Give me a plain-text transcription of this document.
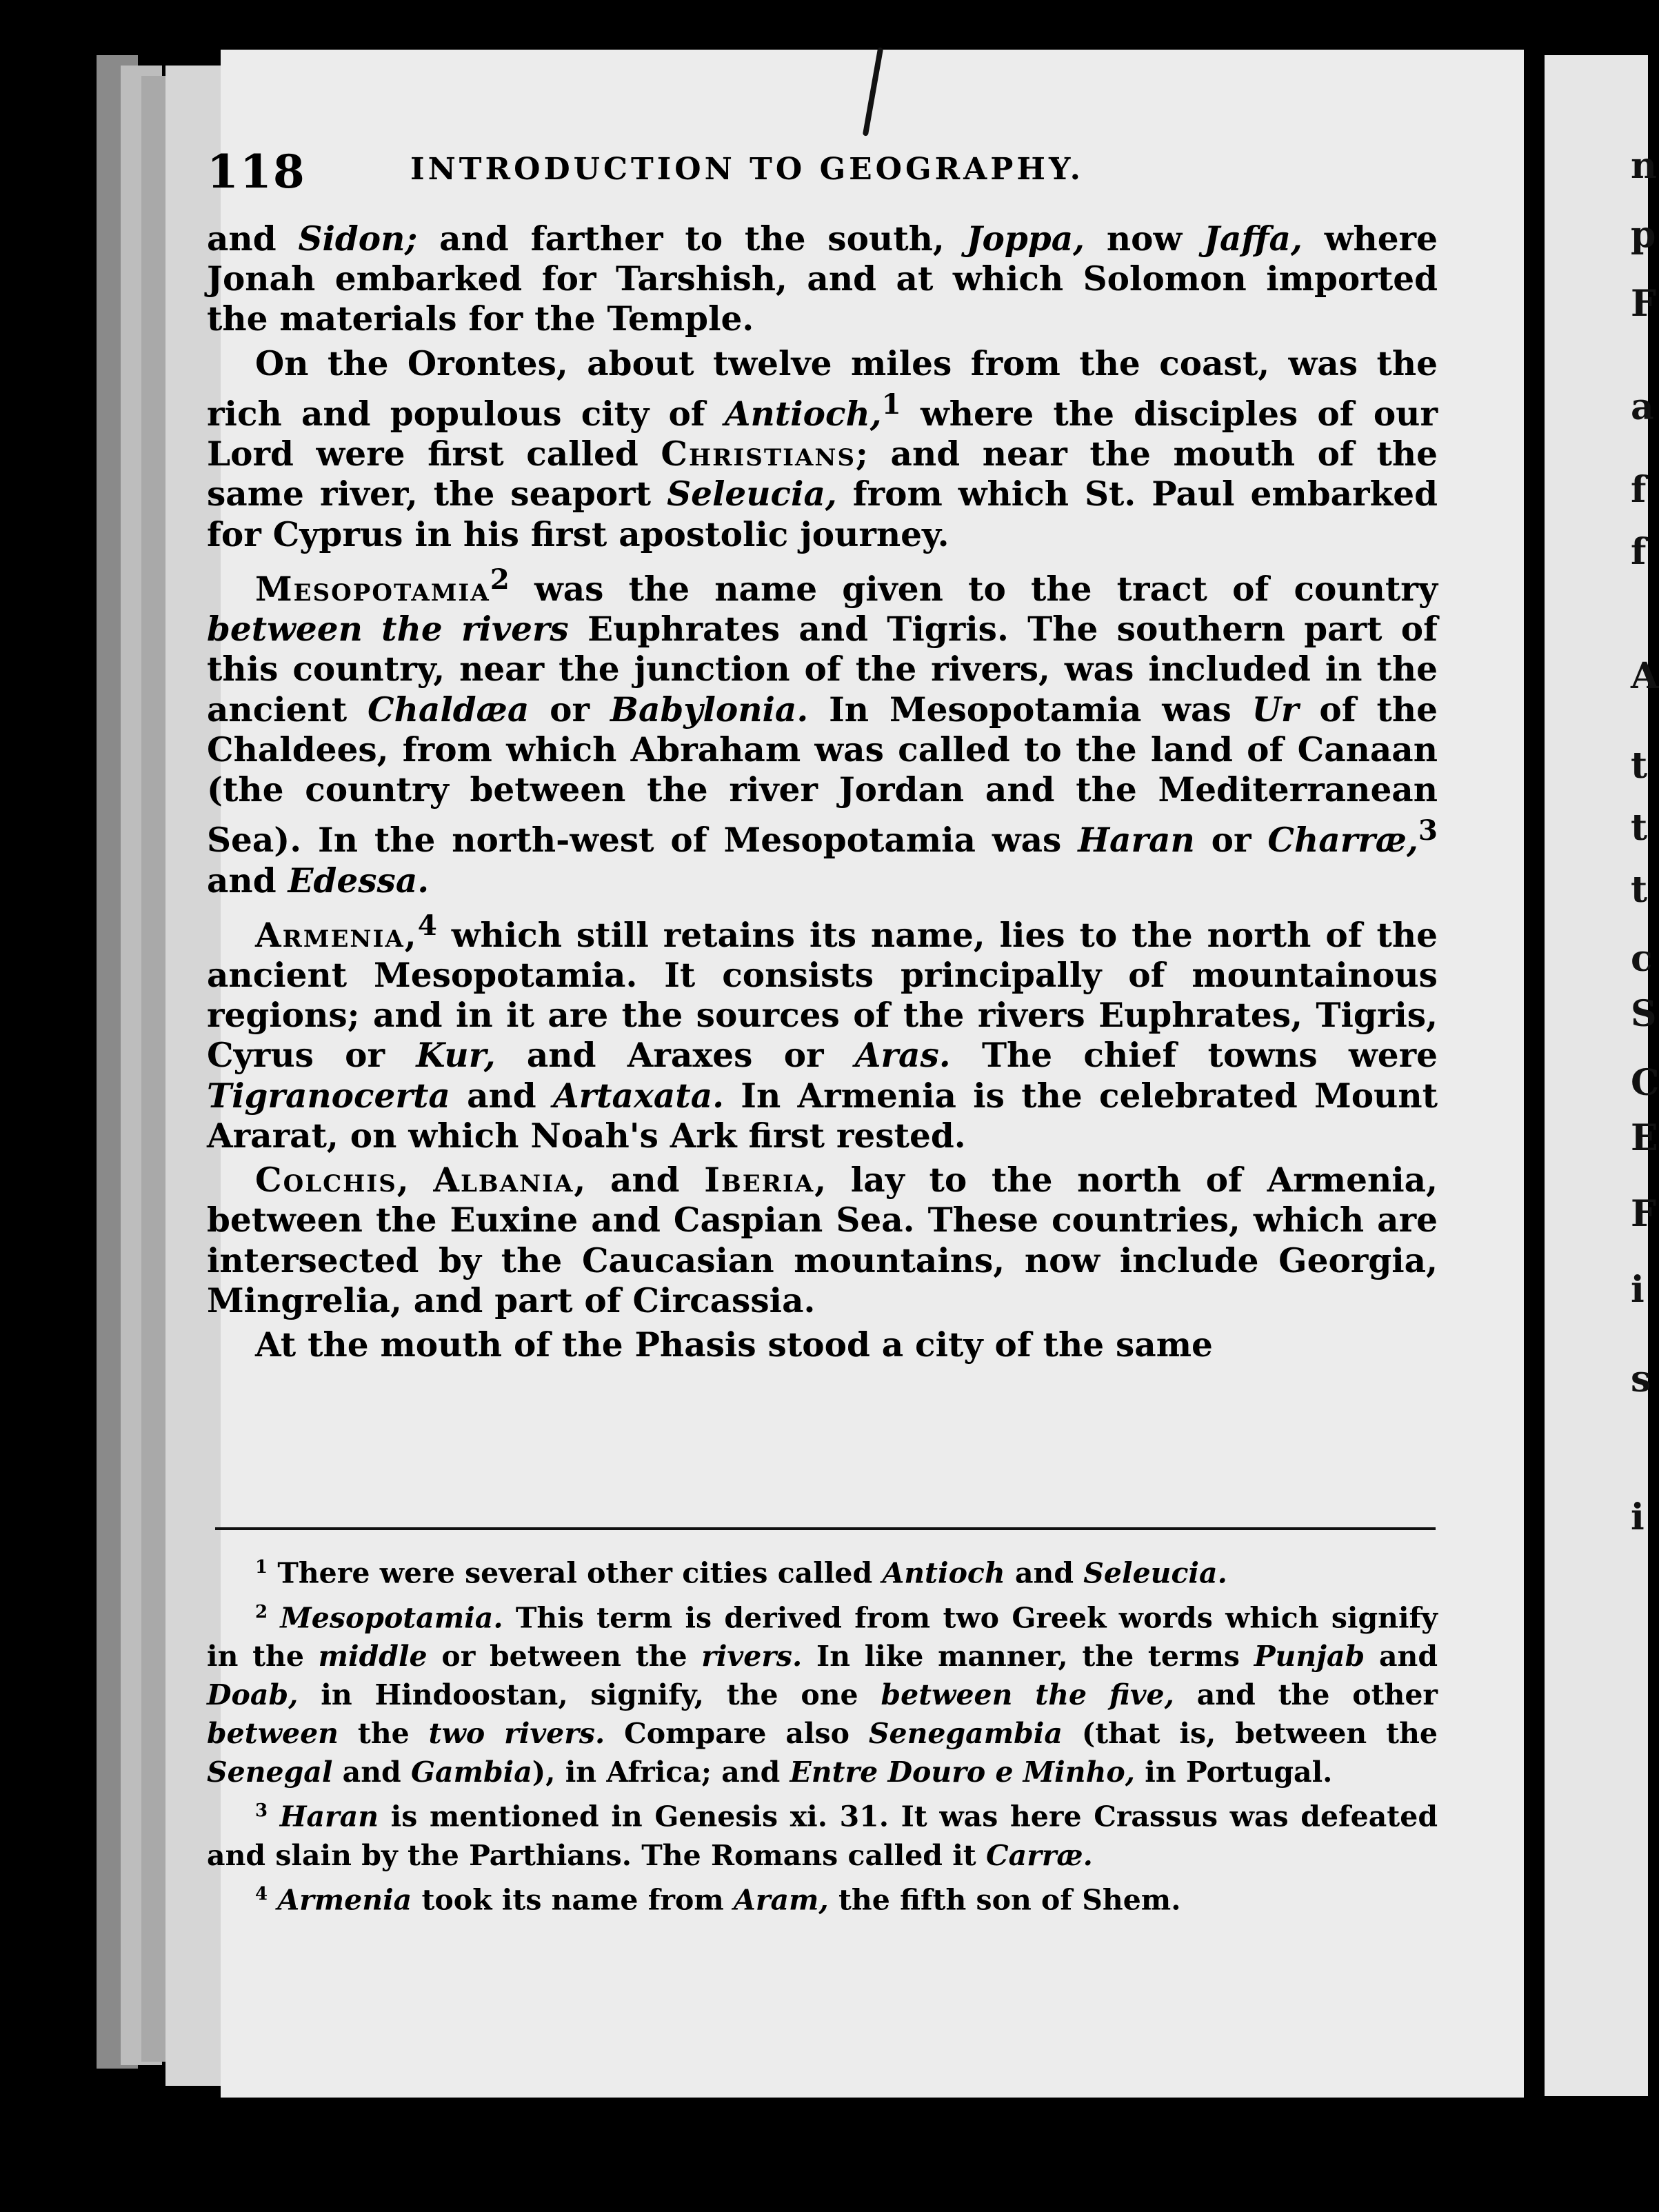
n
p
F
a
f
f
A
t
t
t
c
S
C
E
F
i
s
i
118	INTRODUCTION TO GEOGRAPHY.

and Sidon; and farther to the south, Joppa, now Jaffa, where Jonah embarked for Tarshish, and at which Solomon imported the materials for the Temple.

On the Orontes, about twelve miles from the coast, was the rich and populous city of Antioch,$^1$ where the disciples of our Lord were first called Christians; and near the mouth of the same river, the seaport Seleucia, from which St. Paul embarked for Cyprus in his first apostolic journey.

Mesopotamia$^2$ was the name given to the tract of country between the rivers Euphrates and Tigris. The southern part of this country, near the junction of the rivers, was included in the ancient Chaldæa or Babylonia. In Mesopotamia was Ur of the Chaldees, from which Abraham was called to the land of Canaan (the country between the river Jordan and the Mediterranean Sea). In the north-west of Mesopotamia was Haran or Charræ,$^3$ and Edessa.

Armenia,$^4$ which still retains its name, lies to the north of the ancient Mesopotamia. It consists principally of mountainous regions; and in it are the sources of the rivers Euphrates, Tigris, Cyrus or Kur, and Araxes or Aras. The chief towns were Tigranocerta and Artaxata. In Armenia is the celebrated Mount Ararat, on which Noah's Ark first rested.

Colchis, Albania, and Iberia, lay to the north of Armenia, between the Euxine and Caspian Sea. These countries, which are intersected by the Caucasian mountains, now include Georgia, Mingrelia, and part of Circassia.

At the mouth of the Phasis stood a city of the same

$^1$ There were several other cities called Antioch and Seleucia.

$^2$ Mesopotamia. This term is derived from two Greek words which signify in the middle or between the rivers. In like manner, the terms Punjab and Doab, in Hindoostan, signify, the one between the five, and the other between the two rivers. Compare also Senegambia (that is, between the Senegal and Gambia), in Africa; and Entre Douro e Minho, in Portugal.

$^3$ Haran is mentioned in Genesis xi. 31. It was here Crassus was defeated and slain by the Parthians. The Romans called it Carræ.

$^4$ Armenia took its name from Aram, the fifth son of Shem.
